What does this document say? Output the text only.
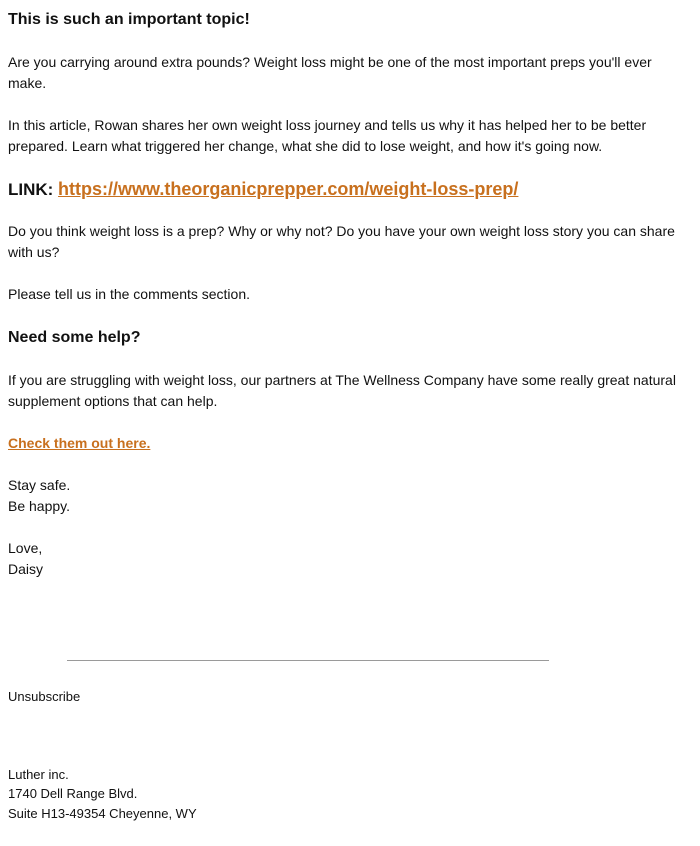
This is such an important topic!

Are you carrying around extra pounds? Weight loss might be one of the most important preps you'll ever make.

In this article, Rowan shares her own weight loss journey and tells us why it has helped her to be better prepared. Learn what triggered her change, what she did to lose weight, and how it's going now.

LINK: https://www.theorganicprepper.com/weight-loss-prep/

Do you think weight loss is a prep? Why or why not? Do you have your own weight loss story you can share with us?

Please tell us in the comments section.

Need some help?

If you are struggling with weight loss, our partners at The Wellness Company have some really great natural supplement options that can help.

Check them out here.

Stay safe.

Be happy.

Love,

Daisy

Unsubscribe
Luther inc.
1740 Dell Range Blvd.
Suite H13-49354 Cheyenne, WY
